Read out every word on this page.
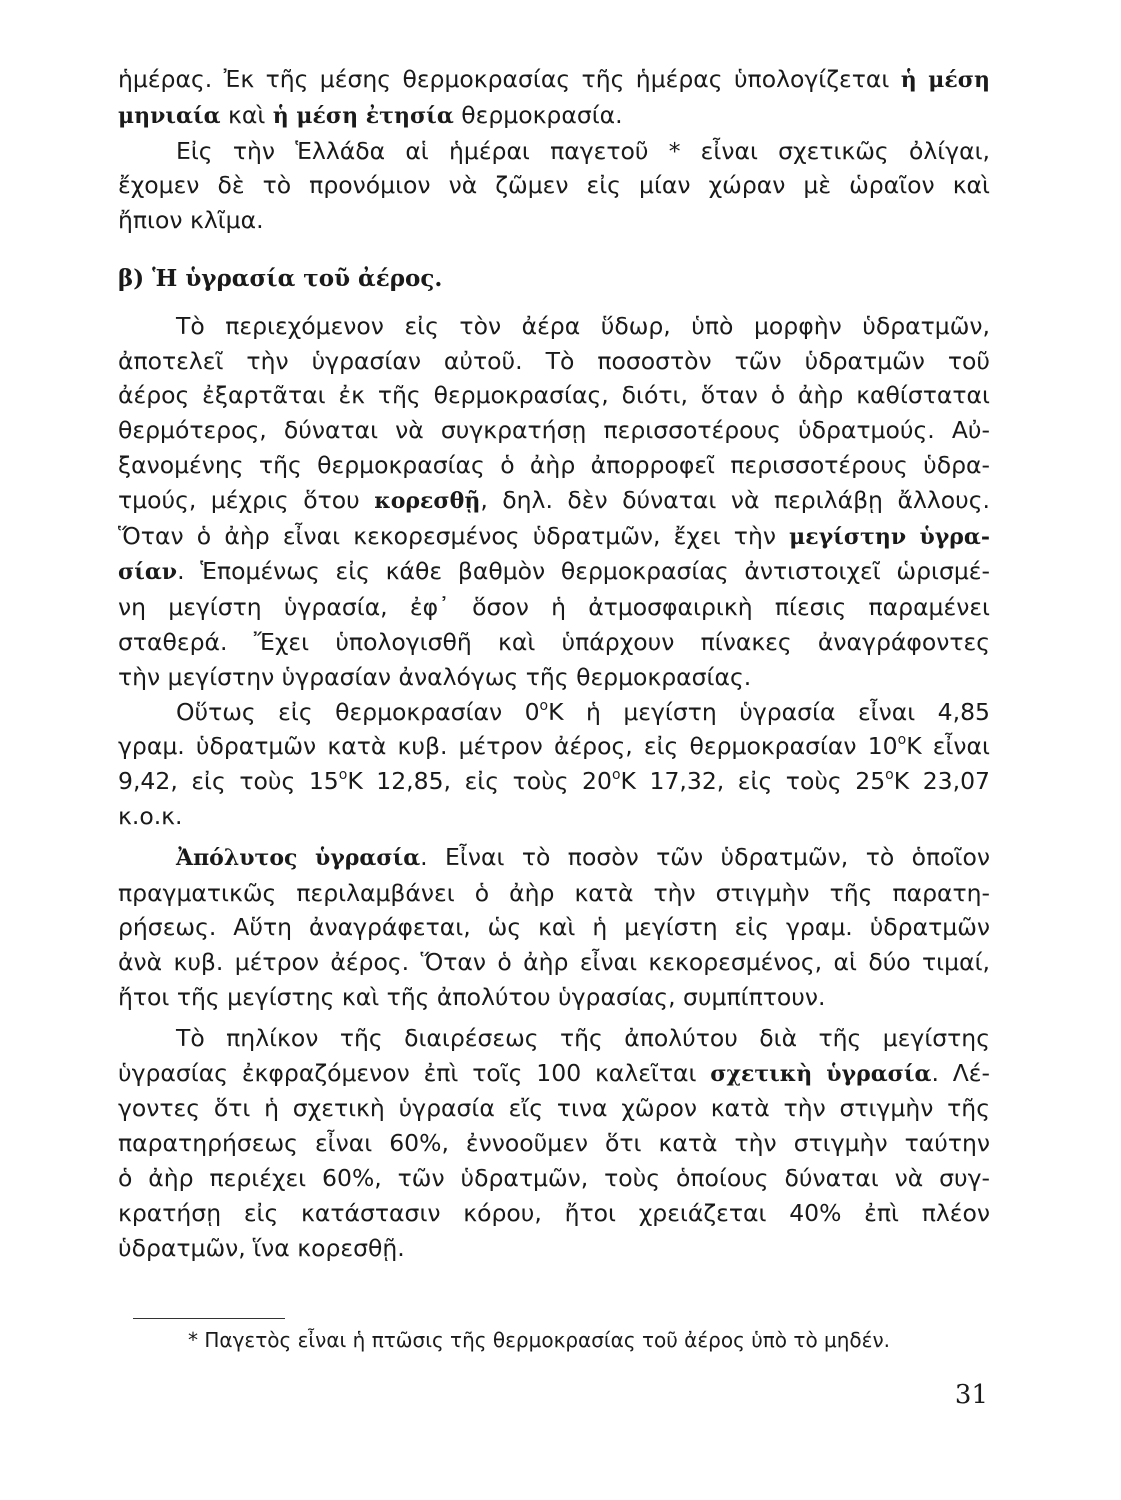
ἡμέρας. Ἐκ τῆς μέσης θερμοκρασίας τῆς ἡμέρας ὑπολογίζεται ἡ μέση
μηνιαία καὶ ἡ μέση ἐτησία θερμοκρασία.
Εἰς τὴν Ἑλλάδα αἱ ἡμέραι παγετοῦ * εἶναι σχετικῶς ὀλίγαι,
ἔχομεν δὲ τὸ προνόμιον νὰ ζῶμεν εἰς μίαν χώραν μὲ ὡραῖον καὶ
ἤπιον κλῖμα.
β) Ἡ ὑγρασία τοῦ ἀέρος.
Τὸ περιεχόμενον εἰς τὸν ἀέρα ὕδωρ, ὑπὸ μορφὴν ὑδρατμῶν,
ἀποτελεῖ τὴν ὑγρασίαν αὐτοῦ. Τὸ ποσοστὸν τῶν ὑδρατμῶν τοῦ
ἀέρος ἐξαρτᾶται ἐκ τῆς θερμοκρασίας, διότι, ὅταν ὁ ἀὴρ καθίσταται
θερμότερος, δύναται νὰ συγκρατήσῃ περισσοτέρους ὑδρατμούς. Αὐ-
ξανομένης τῆς θερμοκρασίας ὁ ἀὴρ ἀπορροφεῖ περισσοτέρους ὑδρα-
τμούς, μέχρις ὅτου κορεσθῇ, δηλ. δὲν δύναται νὰ περιλάβῃ ἄλλους.
Ὅταν ὁ ἀὴρ εἶναι κεκορεσμένος ὑδρατμῶν, ἔχει τὴν μεγίστην ὑγρα-
σίαν. Ἑπομένως εἰς κάθε βαθμὸν θερμοκρασίας ἀντιστοιχεῖ ὡρισμέ-
νη μεγίστη ὑγρασία, ἐφ᾽ ὅσον ἡ ἀτμοσφαιρικὴ πίεσις παραμένει
σταθερά. Ἔχει ὑπολογισθῆ καὶ ὑπάρχουν πίνακες ἀναγράφοντες
τὴν μεγίστην ὑγρασίαν ἀναλόγως τῆς θερμοκρασίας.
Οὕτως εἰς θερμοκρασίαν $0^oK$ ἡ μεγίστη ὑγρασία εἶναι 4,85
γραμ. ὑδρατμῶν κατὰ κυβ. μέτρον ἀέρος, εἰς θερμοκρασίαν $10^oK$ εἶναι
9,42, εἰς τοὺς $15^oK$ 12,85, εἰς τοὺς $20^oK$ 17,32, εἰς τοὺς $25^oK$ 23,07
κ.ο.κ.
Ἀπόλυτος ὑγρασία. Εἶναι τὸ ποσὸν τῶν ὑδρατμῶν, τὸ ὁποῖον
πραγματικῶς περιλαμβάνει ὁ ἀὴρ κατὰ τὴν στιγμὴν τῆς παρατη-
ρήσεως. Αὕτη ἀναγράφεται, ὡς καὶ ἡ μεγίστη εἰς γραμ. ὑδρατμῶν
ἀνὰ κυβ. μέτρον ἀέρος. Ὅταν ὁ ἀὴρ εἶναι κεκορεσμένος, αἱ δύο τιμαί,
ἤτοι τῆς μεγίστης καὶ τῆς ἀπολύτου ὑγρασίας, συμπίπτουν.
Τὸ πηλίκον τῆς διαιρέσεως τῆς ἀπολύτου διὰ τῆς μεγίστης
ὑγρασίας ἐκφραζόμενον ἐπὶ τοῖς 100 καλεῖται σχετικὴ ὑγρασία. Λέ-
γοντες ὅτι ἡ σχετικὴ ὑγρασία εἴς τινα χῶρον κατὰ τὴν στιγμὴν τῆς
παρατηρήσεως εἶναι 60%, ἐννοοῦμεν ὅτι κατὰ τὴν στιγμὴν ταύτην
ὁ ἀὴρ περιέχει 60%, τῶν ὑδρατμῶν, τοὺς ὁποίους δύναται νὰ συγ-
κρατήσῃ εἰς κατάστασιν κόρου, ἤτοι χρειάζεται 40% ἐπὶ πλέον
ὑδρατμῶν, ἵνα κορεσθῇ.
* Παγετὸς εἶναι ἡ πτῶσις τῆς θερμοκρασίας τοῦ ἀέρος ὑπὸ τὸ μηδέν.
31
